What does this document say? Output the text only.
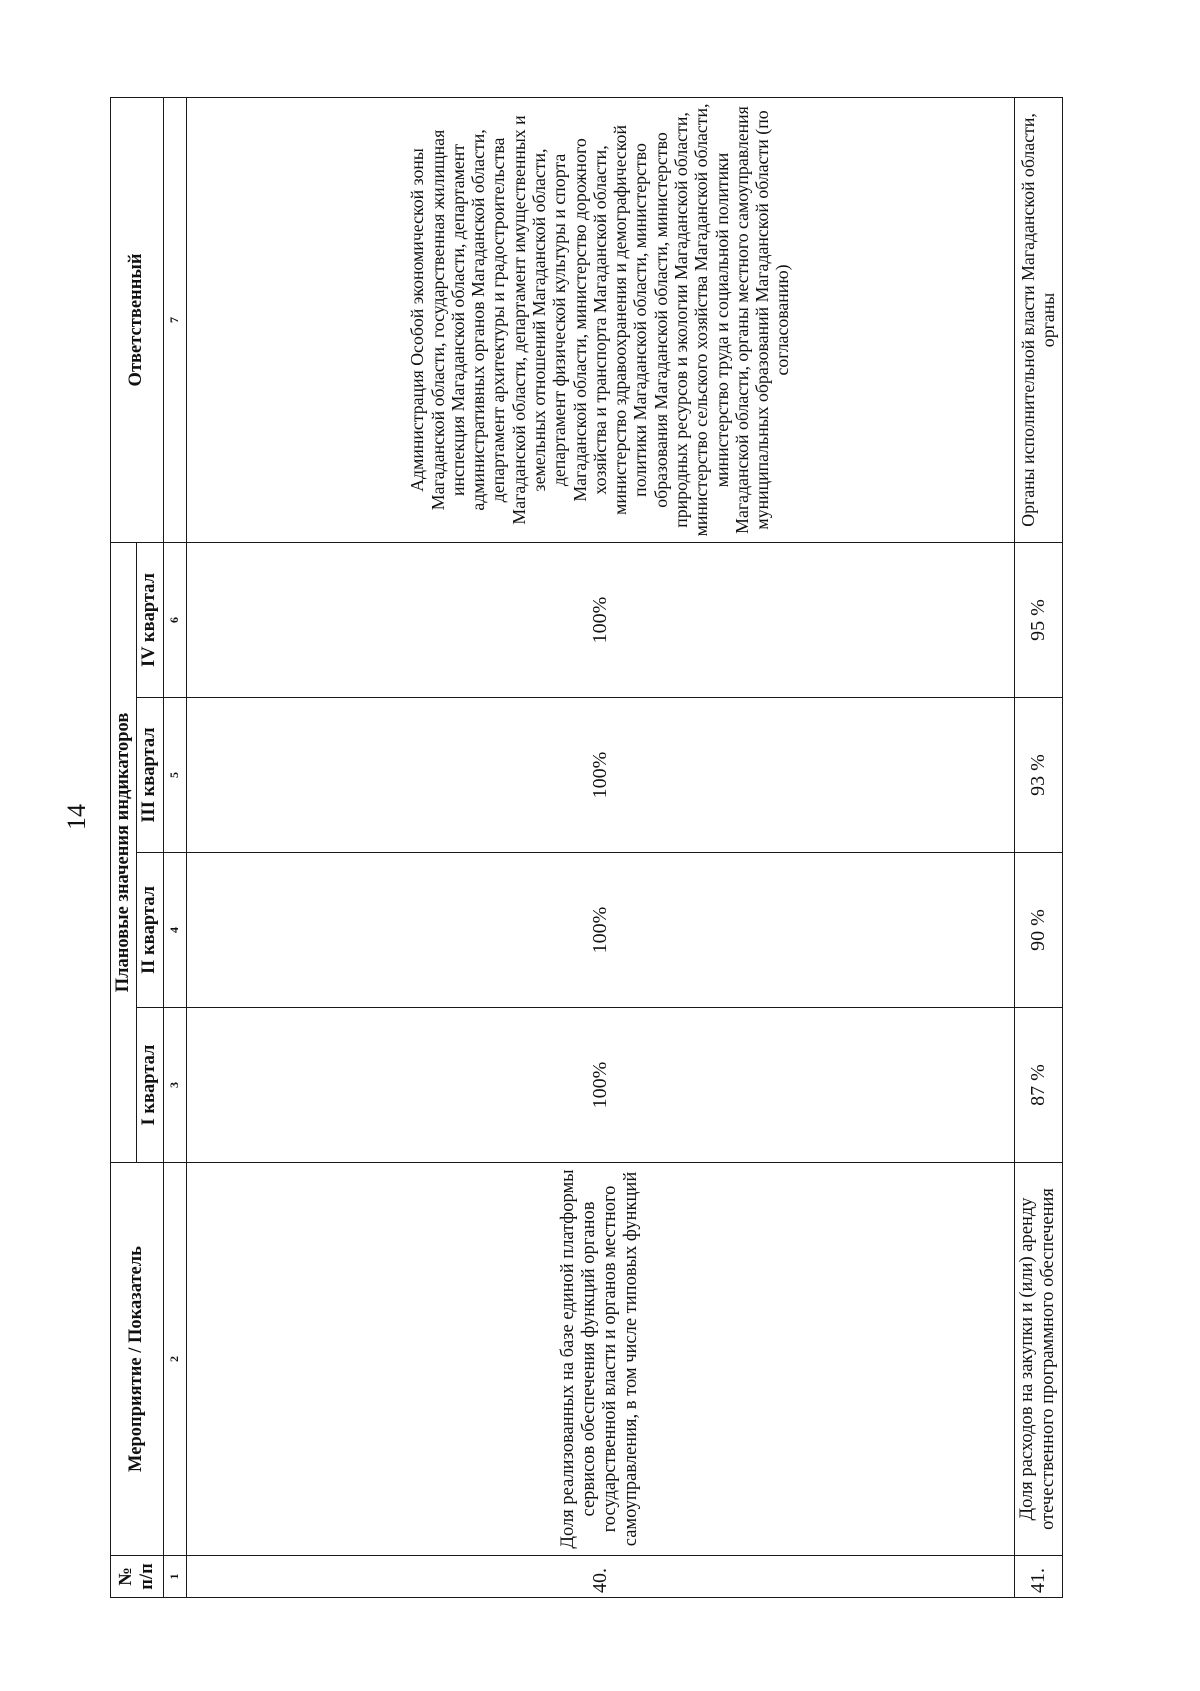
14
№ п/п	Мероприятие / Показатель	Плановые значения индикаторов				Ответственный
		I квартал	II квартал	III квартал	IV квартал	
1	2	3	4	5	6	7
40.	Доля реализованных на базе единой платформы сервисов обеспечения функций органов государственной власти и органов местного самоуправления, в том числе типовых функций	100%	100%	100%	100%	Администрация Особой экономической зоны Магаданской области, государственная жилищная инспекция Магаданской области, департамент административных органов Магаданской области, департамент архитектуры и градостроительства Магаданской области, департамент имущественных и земельных отношений Магаданской области, департамент физической культуры и спорта Магаданской области, министерство дорожного хозяйства и транспорта Магаданской области, министерство здравоохранения и демографической политики Магаданской области, министерство образования Магаданской области, министерство природных ресурсов и экологии Магаданской области, министерство сельского хозяйства Магаданской области, министерство труда и социальной политики Магаданской области, органы местного самоуправления муниципальных образований Магаданской области (по согласованию)
41.	Доля расходов на закупки и (или) аренду отечественного программного обеспечения	87 %	90 %	93 %	95 %	Органы исполнительной власти Магаданской области, органы
